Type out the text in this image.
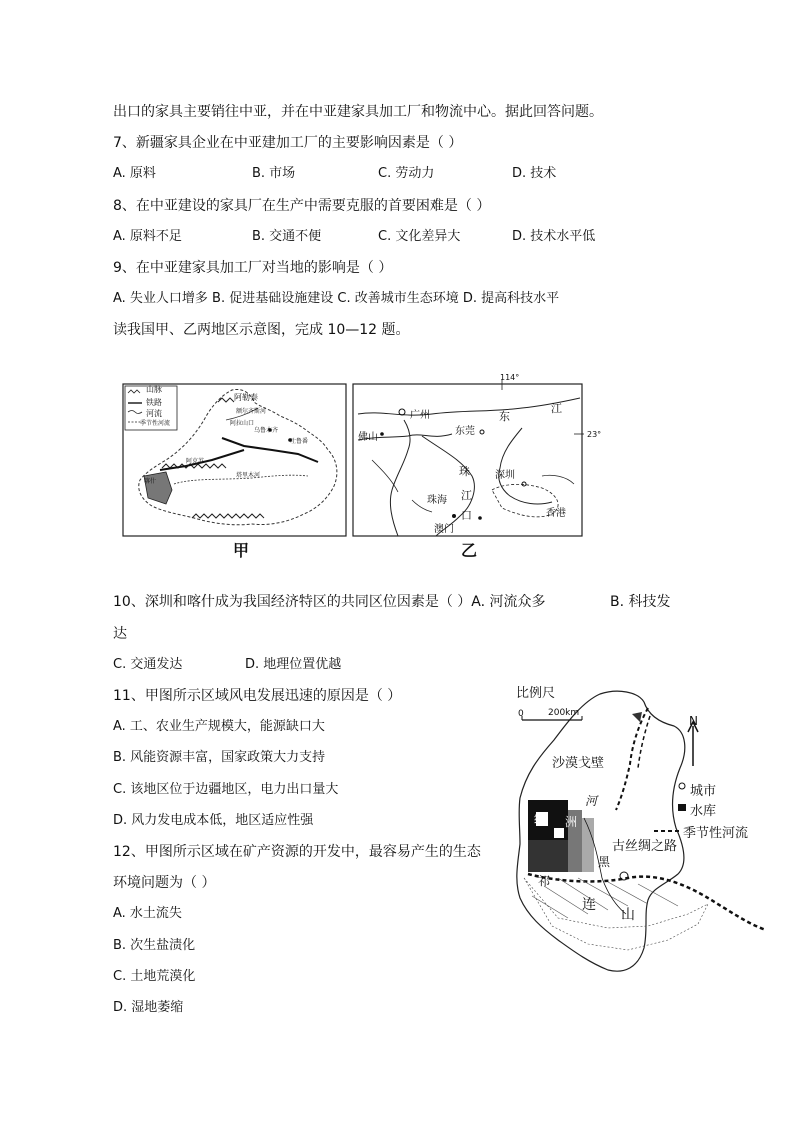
出口的家具主要销往中亚，并在中亚建家具加工厂和物流中心。据此回答问题。
7、新疆家具企业在中亚建加工厂的主要影响因素是（ ）
A. 原料	B. 市场	C. 劳动力	D. 技术
8、在中亚建设的家具厂在生产中需要克服的首要困难是（ ）
A. 原料不足	B. 交通不便	C. 文化差异大	D. 技术水平低
9、在中亚建家具加工厂对当地的影响是（ ）
A. 失业人口增多 B. 促进基础设施建设 C. 改善城市生态环境 D. 提高科技水平
读我国甲、乙两地区示意图，完成 10—12 题。
山脉
铁路
河流
季节性河流
阿勒泰
额尔齐斯河
阿拉山口
乌鲁木齐
吐鲁番
阿克苏
塔里木河
喀什
甲
114°
23°
广州
佛山
东莞
东
江
珠
江
口
深圳
珠海
澳门
香港
乙
10、深圳和喀什成为我国经济特区的共同区位因素是（ ）A. 河流众多	B. 科技发
达
C. 交通发达	D. 地理位置优越
11、甲图所示区域风电发展迅速的原因是（ ）
A. 工、农业生产规模大，能源缺口大
B. 风能资源丰富，国家政策大力支持
C. 该地区位于边疆地区，电力出口量大
D. 风力发电成本低，地区适应性强
12、甲图所示区域在矿产资源的开发中，最容易产生的生态
环境问题为（ ）
A. 水土流失
B. 次生盐渍化
C. 土地荒漠化
D. 湿地萎缩
比例尺
0	200km
N
沙漠戈壁
河
绿 洲
古丝绸之路
黑
祁
连
山
城市
水库
季节性河流
